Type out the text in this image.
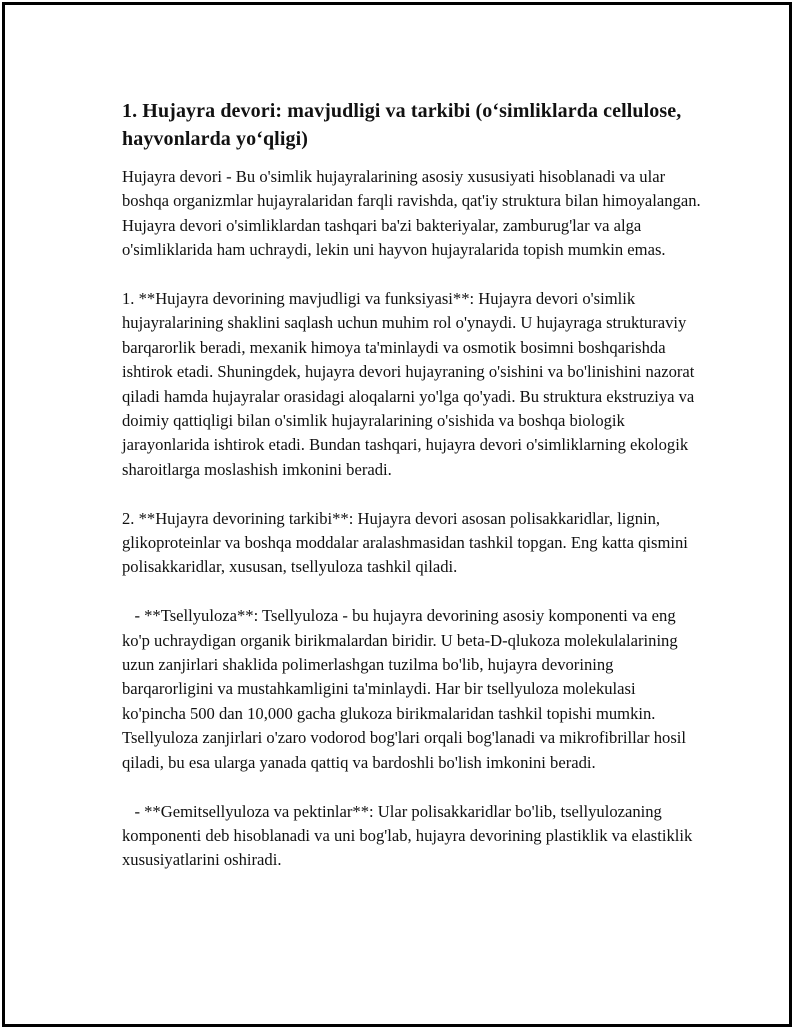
1. Hujayra devori: mavjudligi va tarkibi (o‘simliklarda cellulose, hayvonlarda yo‘qligi)

Hujayra devori - Bu o'simlik hujayralarining asosiy xususiyati hisoblanadi va ular boshqa organizmlar hujayralaridan farqli ravishda, qat'iy struktura bilan himoyalangan. Hujayra devori o'simliklardan tashqari ba'zi bakteriyalar, zamburug'lar va alga o'simliklarida ham uchraydi, lekin uni hayvon hujayralarida topish mumkin emas.

1. **Hujayra devorining mavjudligi va funksiyasi**: Hujayra devori o'simlik hujayralarining shaklini saqlash uchun muhim rol o'ynaydi. U hujayraga strukturaviy barqarorlik beradi, mexanik himoya ta'minlaydi va osmotik bosimni boshqarishda ishtirok etadi. Shuningdek, hujayra devori hujayraning o'sishini va bo'linishini nazorat qiladi hamda hujayralar orasidagi aloqalarni yo'lga qo'yadi. Bu struktura ekstruziya va doimiy qattiqligi bilan o'simlik hujayralarining o'sishida va boshqa biologik jarayonlarida ishtirok etadi. Bundan tashqari, hujayra devori o'simliklarning ekologik sharoitlarga moslashish imkonini beradi.

2. **Hujayra devorining tarkibi**: Hujayra devori asosan polisakkaridlar, lignin, glikoproteinlar va boshqa moddalar aralashmasidan tashkil topgan. Eng katta qismini polisakkaridlar, xususan, tsellyuloza tashkil qiladi.

- **Tsellyuloza**: Tsellyuloza - bu hujayra devorining asosiy komponenti va eng ko'p uchraydigan organik birikmalardan biridir. U beta-D-qlukoza molekulalarining uzun zanjirlari shaklida polimerlashgan tuzilma bo'lib, hujayra devorining barqarorligini va mustahkamligini ta'minlaydi. Har bir tsellyuloza molekulasi ko'pincha 500 dan 10,000 gacha glukoza birikmalaridan tashkil topishi mumkin. Tsellyuloza zanjirlari o'zaro vodorod bog'lari orqali bog'lanadi va mikrofibrillar hosil qiladi, bu esa ularga yanada qattiq va bardoshli bo'lish imkonini beradi.

- **Gemitsellyuloza va pektinlar**: Ular polisakkaridlar bo'lib, tsellyulozaning komponenti deb hisoblanadi va uni bog'lab, hujayra devorining plastiklik va elastiklik xususiyatlarini oshiradi.
